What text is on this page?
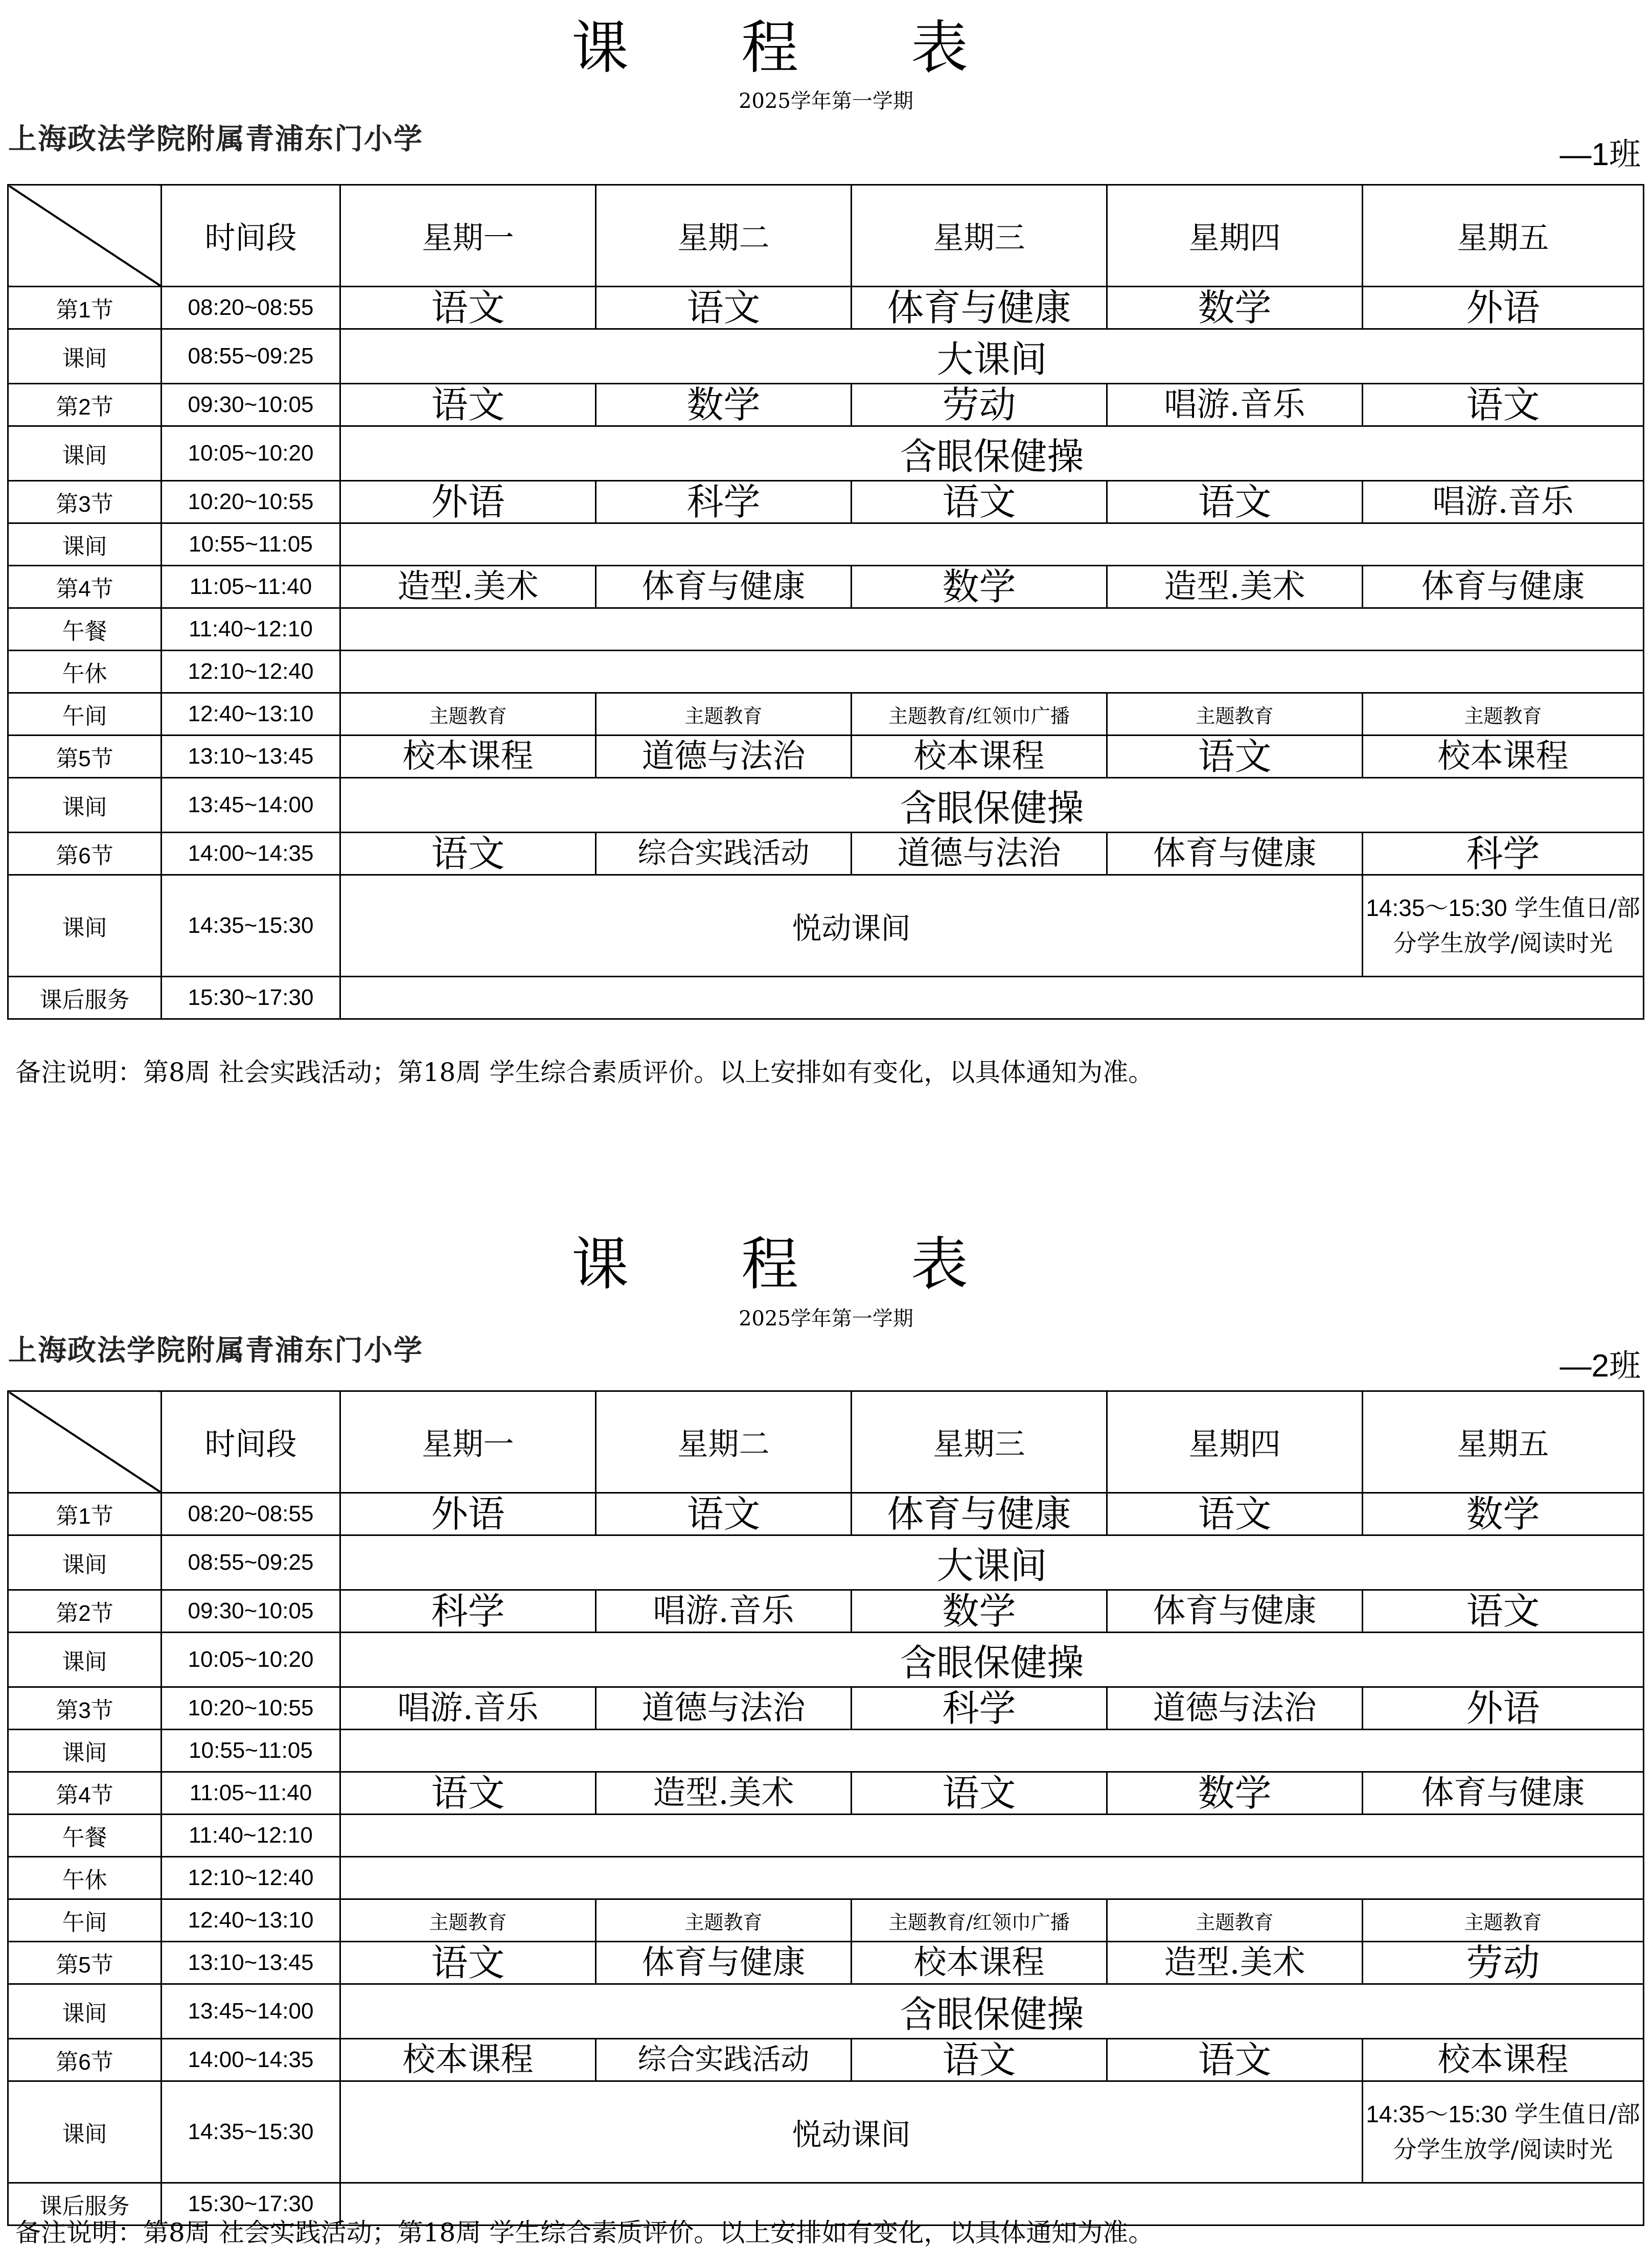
课程表
2025学年第一学期
上海政法学院附属青浦东门小学	—1班
	时间段	星期一	星期二	星期三	星期四	星期五
第1节	08:20~08:55	语文	语文	体育与健康	数学	外语
课间	08:55~09:25	大课间				
第2节	09:30~10:05	语文	数学	劳动	唱游.音乐	语文
课间	10:05~10:20	含眼保健操				
第3节	10:20~10:55	外语	科学	语文	语文	唱游.音乐
课间	10:55~11:05					
第4节	11:05~11:40	造型.美术	体育与健康	数学	造型.美术	体育与健康
午餐	11:40~12:10					
午休	12:10~12:40					
午间	12:40~13:10	主题教育	主题教育	主题教育/红领巾广播	主题教育	主题教育
第5节	13:10~13:45	校本课程	道德与法治	校本课程	语文	校本课程
课间	13:45~14:00	含眼保健操				
第6节	14:00~14:35	语文	综合实践活动	道德与法治	体育与健康	科学
课间	14:35~15:30	悦动课间				14:35～15:30 学生值日/部分学生放学/阅读时光
课后服务	15:30~17:30					
备注说明：第8周 社会实践活动；第18周 学生综合素质评价。以上安排如有变化，以具体通知为准。
课程表
2025学年第一学期
上海政法学院附属青浦东门小学	—2班
	时间段	星期一	星期二	星期三	星期四	星期五
第1节	08:20~08:55	外语	语文	体育与健康	语文	数学
课间	08:55~09:25	大课间				
第2节	09:30~10:05	科学	唱游.音乐	数学	体育与健康	语文
课间	10:05~10:20	含眼保健操				
第3节	10:20~10:55	唱游.音乐	道德与法治	科学	道德与法治	外语
课间	10:55~11:05					
第4节	11:05~11:40	语文	造型.美术	语文	数学	体育与健康
午餐	11:40~12:10					
午休	12:10~12:40					
午间	12:40~13:10	主题教育	主题教育	主题教育/红领巾广播	主题教育	主题教育
第5节	13:10~13:45	语文	体育与健康	校本课程	造型.美术	劳动
课间	13:45~14:00	含眼保健操				
第6节	14:00~14:35	校本课程	综合实践活动	语文	语文	校本课程
课间	14:35~15:30	悦动课间				14:35～15:30 学生值日/部分学生放学/阅读时光
课后服务	15:30~17:30					
备注说明：第8周 社会实践活动；第18周 学生综合素质评价。以上安排如有变化，以具体通知为准。
